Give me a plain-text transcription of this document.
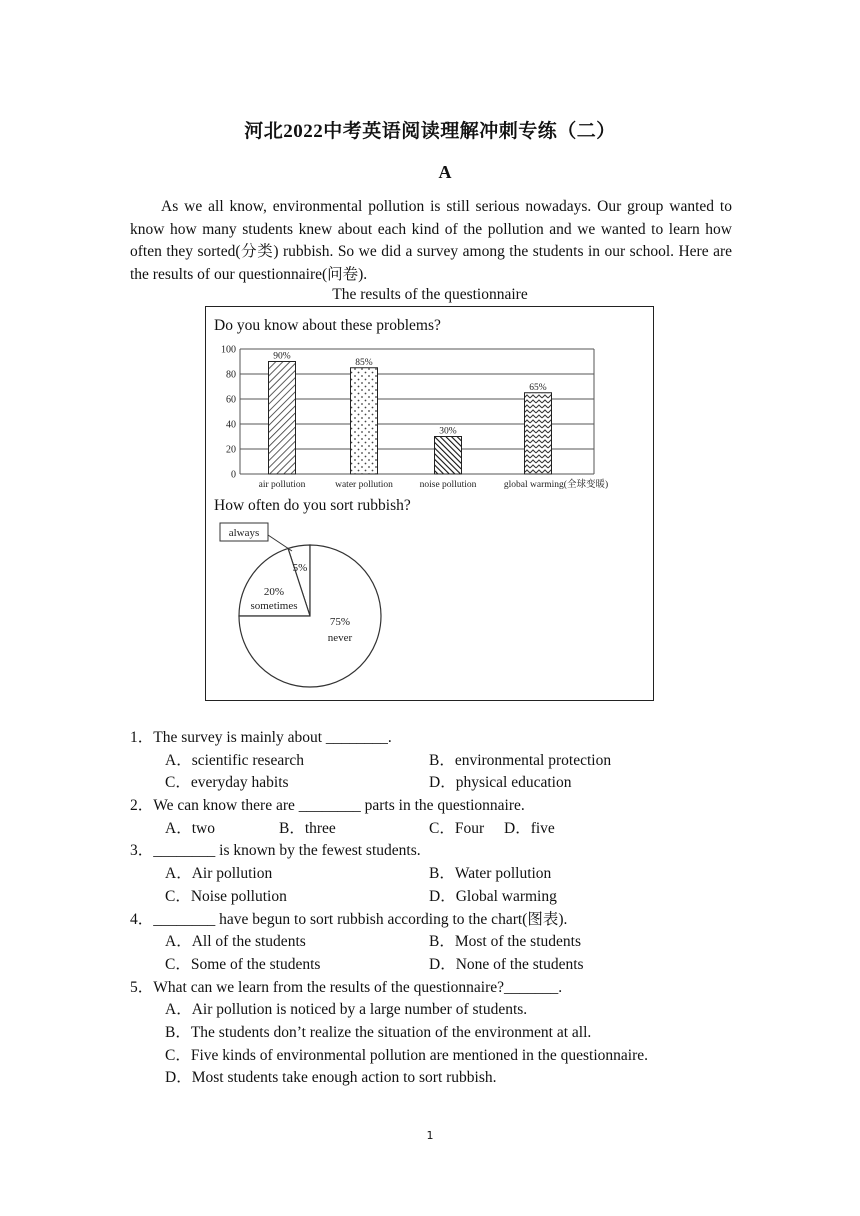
河北2022中考英语阅读理解冲刺专练（二）
A

As we all know, environmental pollution is still serious nowadays. Our group wanted to know how many students knew about each kind of the pollution and we wanted to learn how often they sorted(分类) rubbish. So we did a survey among the students in our school. Here are the results of our questionnaire(问卷).

The results of the questionnaire
Do you know about these problems?
0
20
40
60
80
100
90%
air pollution
85%
water pollution
30%
noise pollution
65%
global warming(全球变暖)
How often do you sort rubbish?
5%
always
20%
sometimes
75%
never
1．The survey is mainly about ________.
A．scientific research	B．environmental protection
C．everyday habits	D．physical education
2．We can know there are ________ parts in the questionnaire.
A．two	B．three	C．Four D．five
3．________ is known by the fewest students.
A．Air pollution	B．Water pollution
C．Noise pollution	D．Global warming
4．________ have begun to sort rubbish according to the chart(图表).
A．All of the students	B．Most of the students
C．Some of the students	D．None of the students
5．What can we learn from the results of the questionnaire?_______.
A．Air pollution is noticed by a large number of students.
B．The students don’t realize the situation of the environment at all.
C．Five kinds of environmental pollution are mentioned in the questionnaire.
D．Most students take enough action to sort rubbish.
1
